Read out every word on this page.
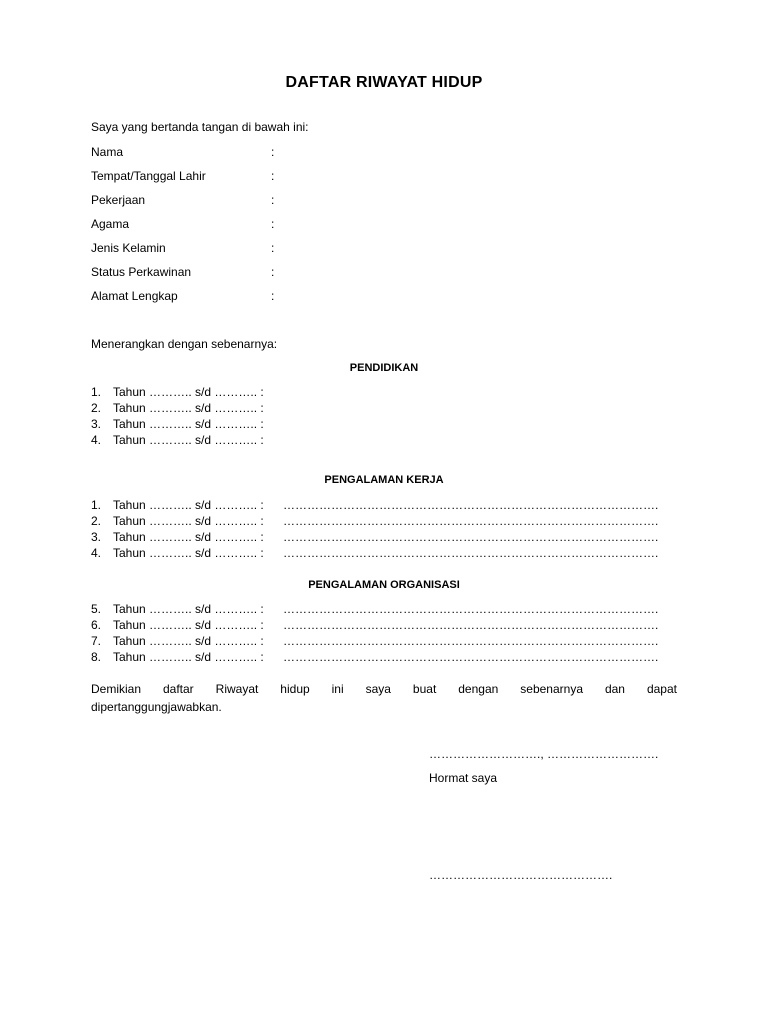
DAFTAR RIWAYAT HIDUP
Saya yang bertanda tangan di bawah ini:
Nama	:
Tempat/Tanggal Lahir	:
Pekerjaan	:
Agama	:
Jenis Kelamin	:
Status Perkawinan	:
Alamat Lengkap	:
Menerangkan dengan sebenarnya:
PENDIDIKAN
1. Tahun ……….. s/d ……….. :
2. Tahun ……….. s/d ……….. :
3. Tahun ……….. s/d ……….. :
4. Tahun ……….. s/d ……….. :
PENGALAMAN KERJA
1. Tahun ……….. s/d ……….. : ………………………………………………………………………………….
2. Tahun ……….. s/d ……….. : ………………………………………………………………………………….
3. Tahun ……….. s/d ……….. : ………………………………………………………………………………….
4. Tahun ……….. s/d ……….. : ………………………………………………………………………………….
PENGALAMAN ORGANISASI
5. Tahun ……….. s/d ……….. : ………………………………………………………………………………….
6. Tahun ……….. s/d ……….. : ………………………………………………………………………………….
7. Tahun ……….. s/d ……….. : ………………………………………………………………………………….
8. Tahun ……….. s/d ……….. : ………………………………………………………………………………….
Demikian daftar Riwayat hidup ini saya buat dengan sebenarnya dan dapat
dipertanggungjawabkan.
………………………., ……………………….
Hormat saya
……………………………………….
